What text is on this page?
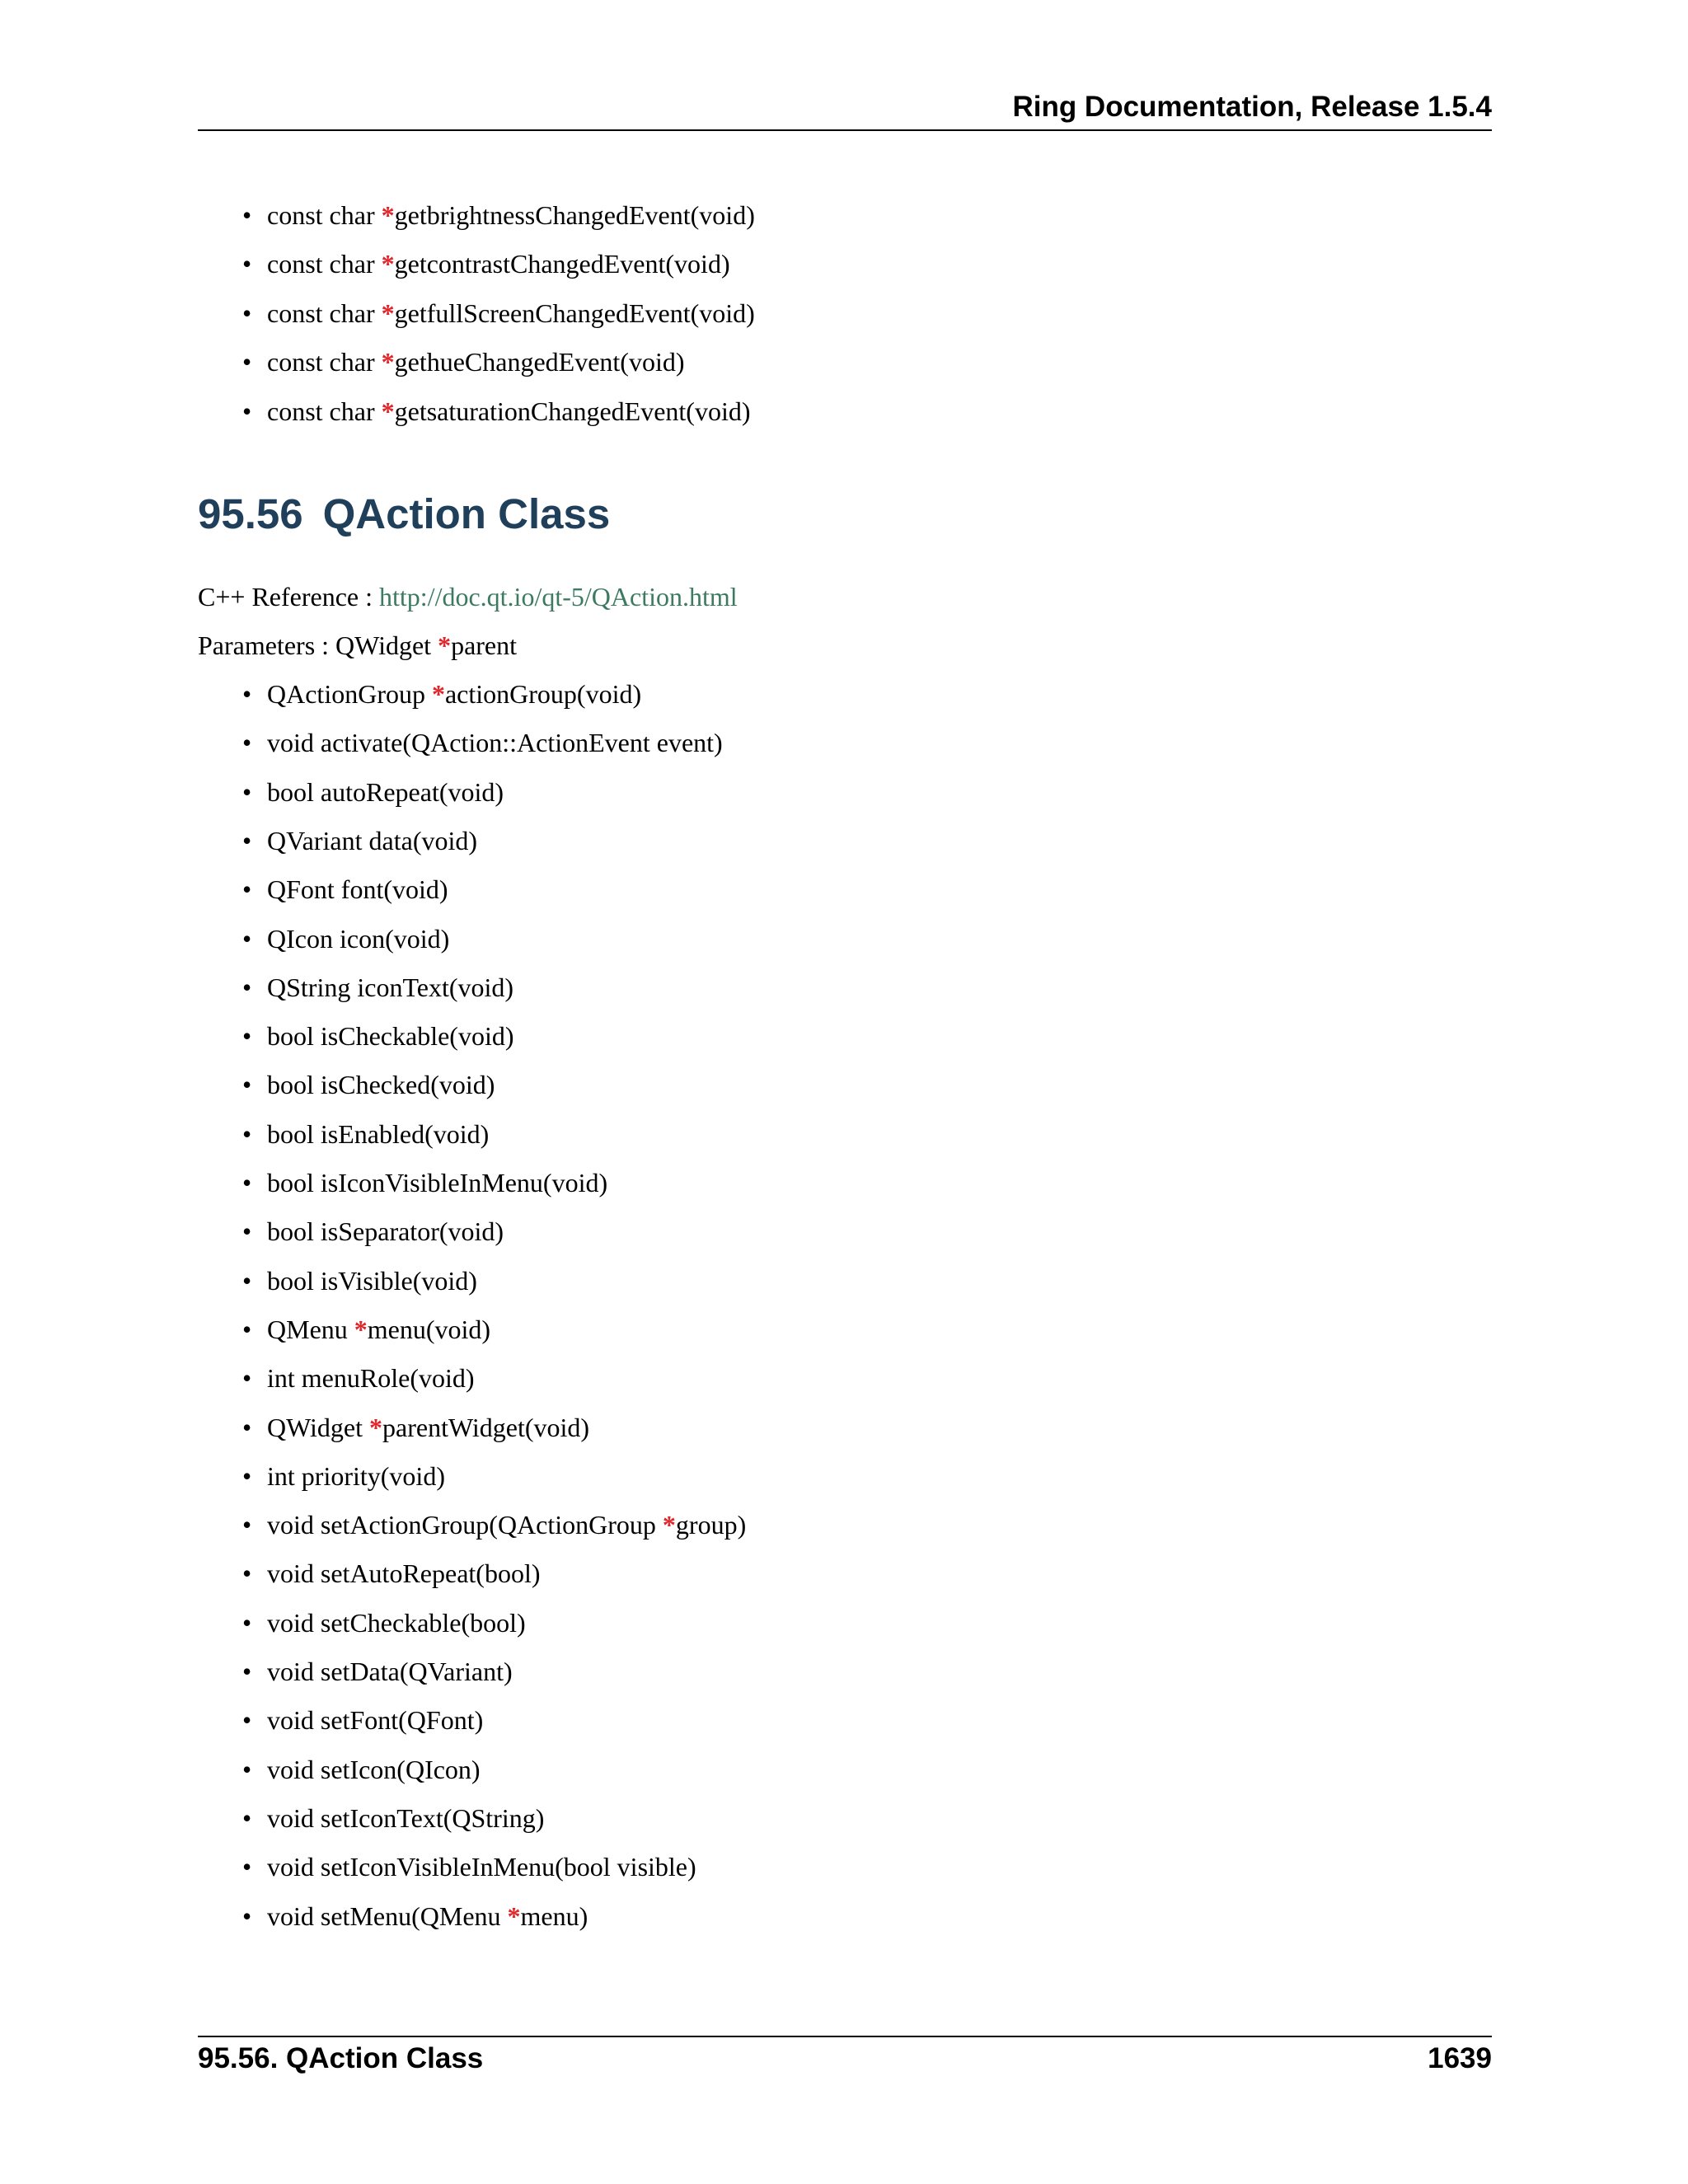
Ring Documentation, Release 1.5.4
• const char *getbrightnessChangedEvent(void)
• const char *getcontrastChangedEvent(void)
• const char *getfullScreenChangedEvent(void)
• const char *gethueChangedEvent(void)
• const char *getsaturationChangedEvent(void)
95.56 QAction Class
C++ Reference : http://doc.qt.io/qt-5/QAction.html
Parameters : QWidget *parent
• QActionGroup *actionGroup(void)
• void activate(QAction::ActionEvent event)
• bool autoRepeat(void)
• QVariant data(void)
• QFont font(void)
• QIcon icon(void)
• QString iconText(void)
• bool isCheckable(void)
• bool isChecked(void)
• bool isEnabled(void)
• bool isIconVisibleInMenu(void)
• bool isSeparator(void)
• bool isVisible(void)
• QMenu *menu(void)
• int menuRole(void)
• QWidget *parentWidget(void)
• int priority(void)
• void setActionGroup(QActionGroup *group)
• void setAutoRepeat(bool)
• void setCheckable(bool)
• void setData(QVariant)
• void setFont(QFont)
• void setIcon(QIcon)
• void setIconText(QString)
• void setIconVisibleInMenu(bool visible)
• void setMenu(QMenu *menu)
95.56. QAction Class	1639
